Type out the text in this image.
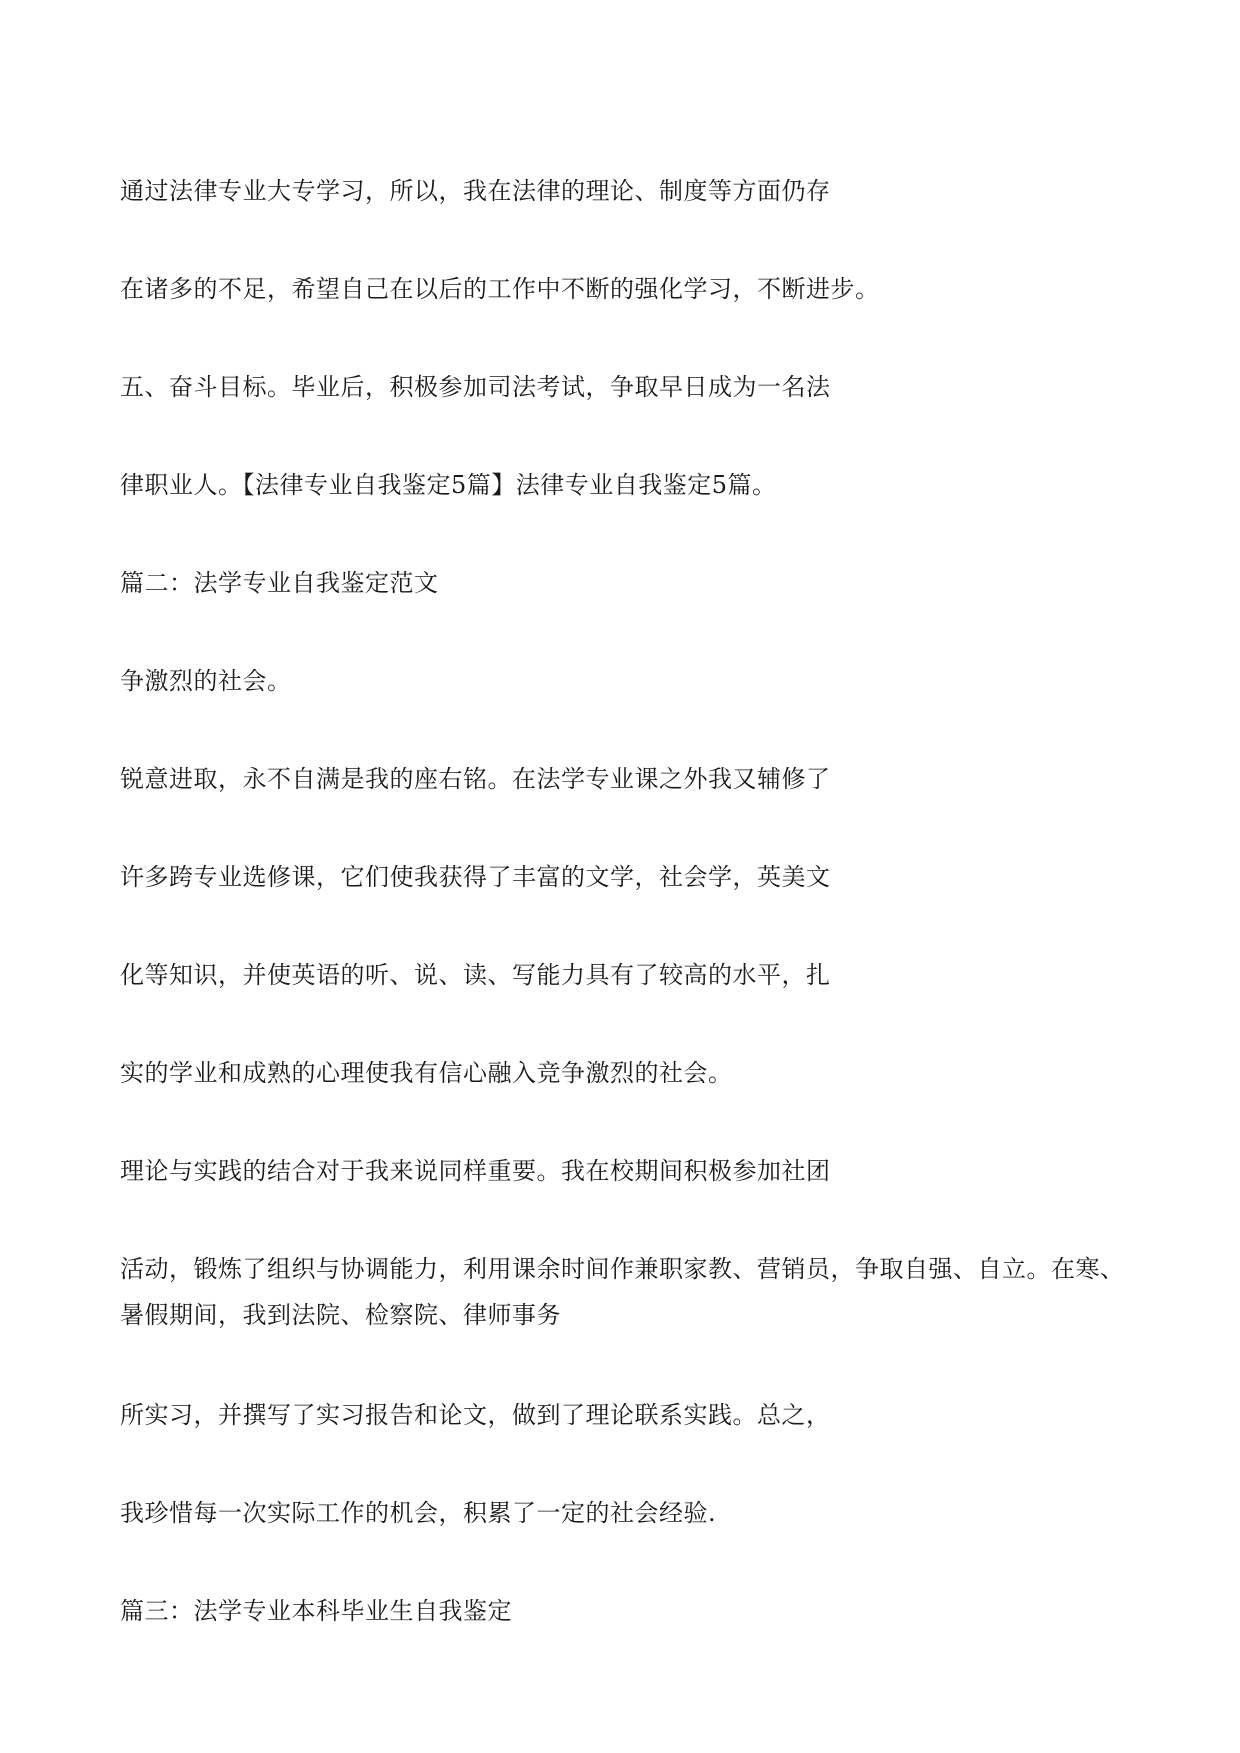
通过法律专业大专学习，所以，我在法律的理论、制度等方面仍存
在诸多的不足，希望自己在以后的工作中不断的强化学习，不断进步。
五、奋斗目标。毕业后，积极参加司法考试，争取早日成为一名法
律职业人。【法律专业自我鉴定5篇】法律专业自我鉴定5篇。
篇二：法学专业自我鉴定范文
争激烈的社会。
锐意进取，永不自满是我的座右铭。在法学专业课之外我又辅修了
许多跨专业选修课，它们使我获得了丰富的文学，社会学，英美文
化等知识，并使英语的听、说、读、写能力具有了较高的水平，扎
实的学业和成熟的心理使我有信心融入竞争激烈的社会。
理论与实践的结合对于我来说同样重要。我在校期间积极参加社团
活动，锻炼了组织与协调能力，利用课余时间作兼职家教、营销员，争取自强、自立。在寒、
暑假期间，我到法院、检察院、律师事务
所实习，并撰写了实习报告和论文，做到了理论联系实践。总之，
我珍惜每一次实际工作的机会，积累了一定的社会经验.
篇三：法学专业本科毕业生自我鉴定
